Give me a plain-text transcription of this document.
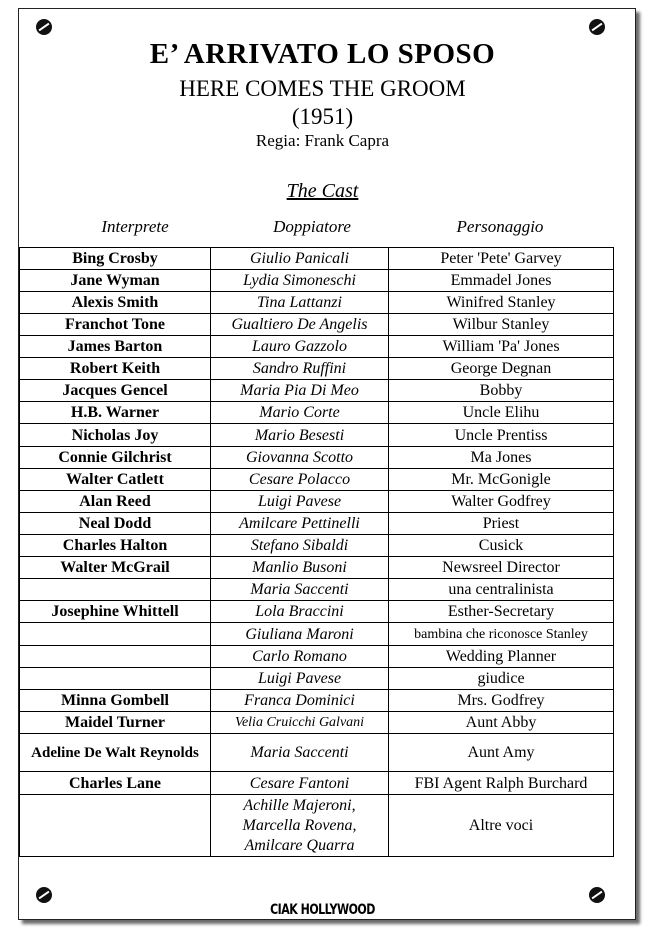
E’ ARRIVATO LO SPOSO
HERE COMES THE GROOM
(1951)
Regia: Frank Capra
The Cast
Interprete	Doppiatore	Personaggio
Bing Crosby	Giulio Panicali	Peter 'Pete' Garvey
Jane Wyman	Lydia Simoneschi	Emmadel Jones
Alexis Smith	Tina Lattanzi	Winifred Stanley
Franchot Tone	Gualtiero De Angelis	Wilbur Stanley
James Barton	Lauro Gazzolo	William 'Pa' Jones
Robert Keith	Sandro Ruffini	George Degnan
Jacques Gencel	Maria Pia Di Meo	Bobby
H.B. Warner	Mario Corte	Uncle Elihu
Nicholas Joy	Mario Besesti	Uncle Prentiss
Connie Gilchrist	Giovanna Scotto	Ma Jones
Walter Catlett	Cesare Polacco	Mr. McGonigle
Alan Reed	Luigi Pavese	Walter Godfrey
Neal Dodd	Amilcare Pettinelli	Priest
Charles Halton	Stefano Sibaldi	Cusick
Walter McGrail	Manlio Busoni	Newsreel Director
	Maria Saccenti	una centralinista
Josephine Whittell	Lola Braccini	Esther-Secretary
	Giuliana Maroni	bambina che riconosce Stanley
	Carlo Romano	Wedding Planner
	Luigi Pavese	giudice
Minna Gombell	Franca Dominici	Mrs. Godfrey
Maidel Turner	Velia Cruicchi Galvani	Aunt Abby
Adeline De Walt Reynolds	Maria Saccenti	Aunt Amy
Charles Lane	Cesare Fantoni	FBI Agent Ralph Burchard
	Achille Majeroni, Marcella Rovena, Amilcare Quarra	Altre voci
CIAK HOLLYWOOD
